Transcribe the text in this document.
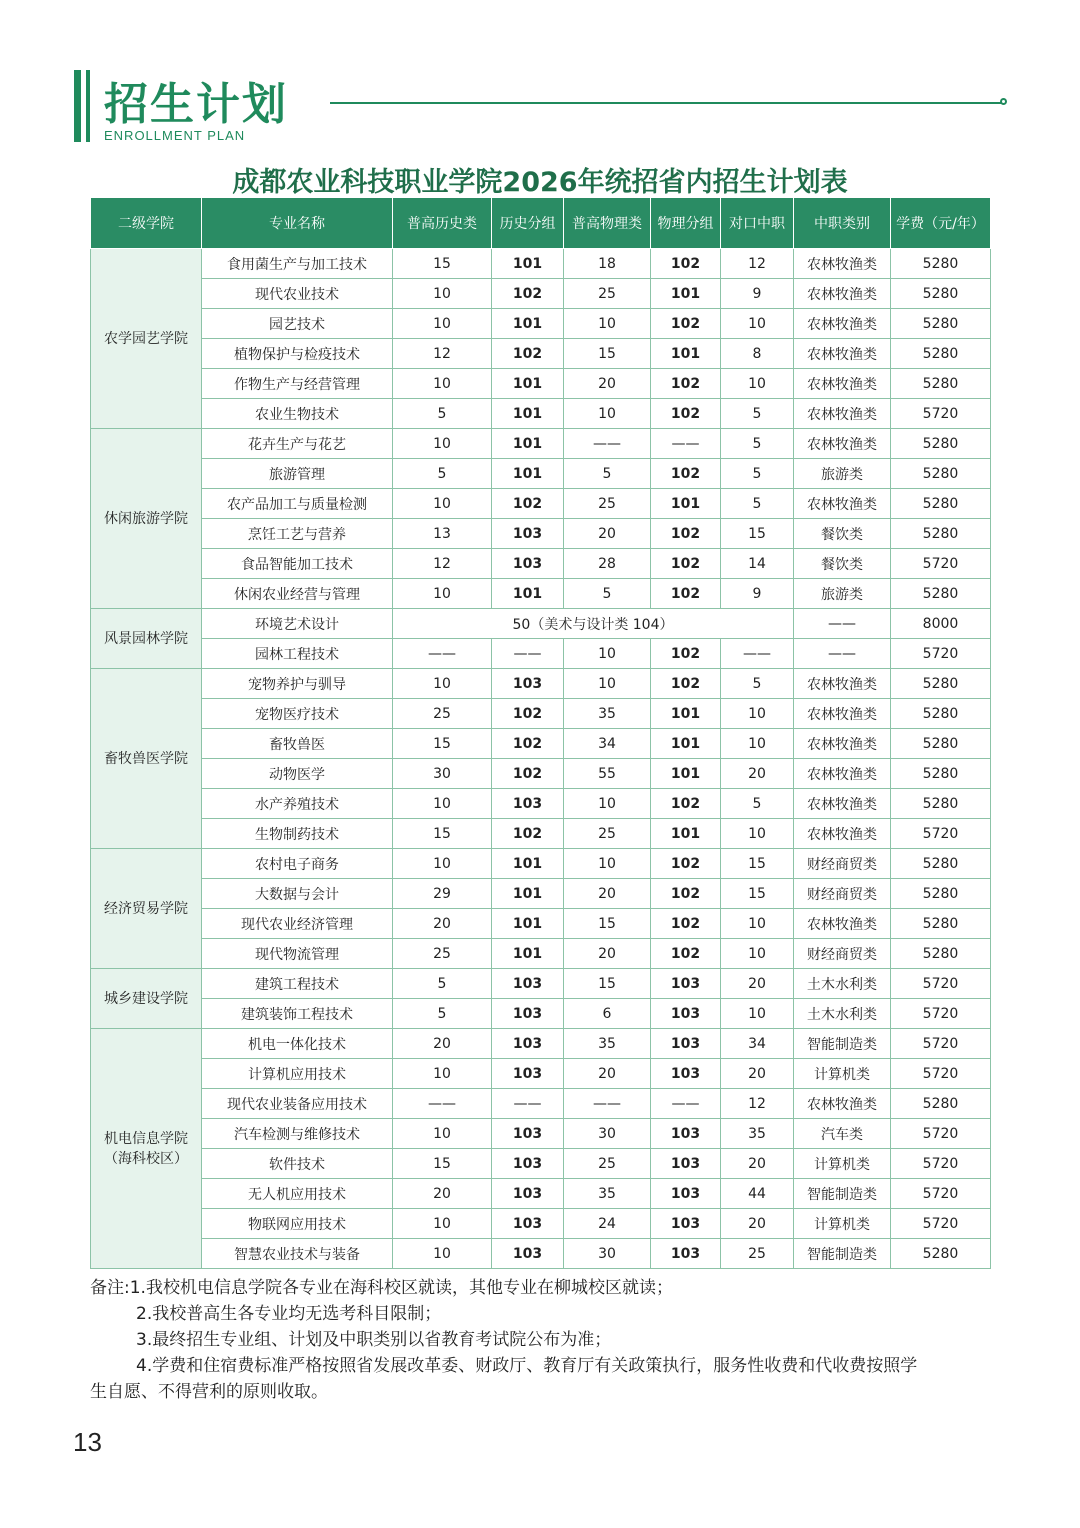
招生计划
ENROLLMENT PLAN
成都农业科技职业学院2026年统招省内招生计划表
二级学院	专业名称	普高历史类	历史分组	普高物理类	物理分组	对口中职	中职类别	学费（元/年）

农学园艺学院	食用菌生产与加工技术	15	101	18	102	12	农林牧渔类	5280
	现代农业技术	10	102	25	101	9	农林牧渔类	5280
	园艺技术	10	101	10	102	10	农林牧渔类	5280
	植物保护与检疫技术	12	102	15	101	8	农林牧渔类	5280
	作物生产与经营管理	10	101	20	102	10	农林牧渔类	5280
	农业生物技术	5	101	10	102	5	农林牧渔类	5720

休闲旅游学院	花卉生产与花艺	10	101	——	——	5	农林牧渔类	5280
	旅游管理	5	101	5	102	5	旅游类	5280
	农产品加工与质量检测	10	102	25	101	5	农林牧渔类	5280
	烹饪工艺与营养	13	103	20	102	15	餐饮类	5280
	食品智能加工技术	12	103	28	102	14	餐饮类	5720
	休闲农业经营与管理	10	101	5	102	9	旅游类	5280

风景园林学院	环境艺术设计	50（美术与设计类 104）					——	8000
	园林工程技术	——	——	10	102	——	——	5720

畜牧兽医学院	宠物养护与驯导	10	103	10	102	5	农林牧渔类	5280
	宠物医疗技术	25	102	35	101	10	农林牧渔类	5280
	畜牧兽医	15	102	34	101	10	农林牧渔类	5280
	动物医学	30	102	55	101	20	农林牧渔类	5280
	水产养殖技术	10	103	10	102	5	农林牧渔类	5280
	生物制药技术	15	102	25	101	10	农林牧渔类	5720

经济贸易学院	农村电子商务	10	101	10	102	15	财经商贸类	5280
	大数据与会计	29	101	20	102	15	财经商贸类	5280
	现代农业经济管理	20	101	15	102	10	农林牧渔类	5280
	现代物流管理	25	101	20	102	10	财经商贸类	5280

城乡建设学院	建筑工程技术	5	103	15	103	20	土木水利类	5720
	建筑装饰工程技术	5	103	6	103	10	土木水利类	5720

机电信息学院
（海科校区）	机电一体化技术	20	103	35	103	34	智能制造类	5720
	计算机应用技术	10	103	20	103	20	计算机类	5720
	现代农业装备应用技术	——	——	——	——	12	农林牧渔类	5280
	汽车检测与维修技术	10	103	30	103	35	汽车类	5720
	软件技术	15	103	25	103	20	计算机类	5720
	无人机应用技术	20	103	35	103	44	智能制造类	5720
	物联网应用技术	10	103	24	103	20	计算机类	5720
	智慧农业技术与装备	10	103	30	103	25	智能制造类	5280
备注:1.我校机电信息学院各专业在海科校区就读，其他专业在柳城校区就读；
2.我校普高生各专业均无选考科目限制；
3.最终招生专业组、计划及中职类别以省教育考试院公布为准；
4.学费和住宿费标准严格按照省发展改革委、财政厅、教育厅有关政策执行，服务性收费和代收费按照学
生自愿、不得营利的原则收取。
13
